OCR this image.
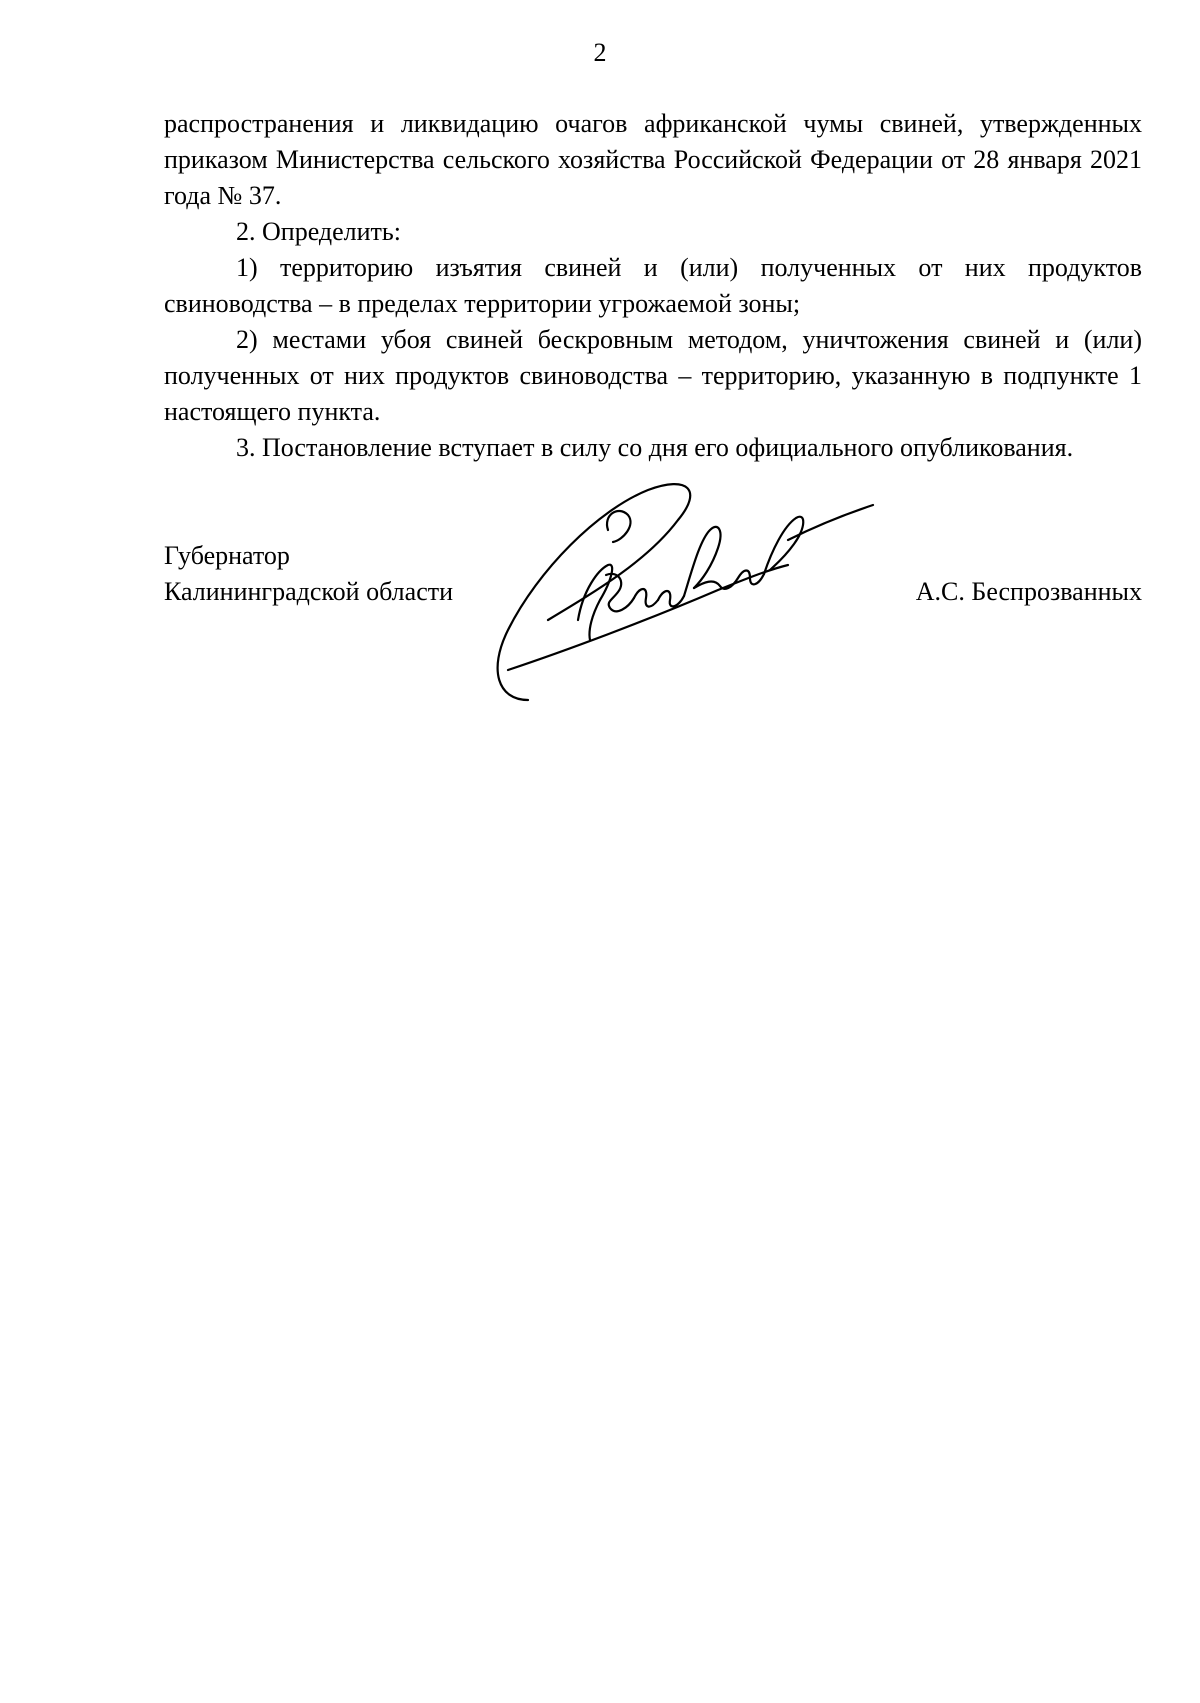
2

распространения и ликвидацию очагов африканской чумы свиней, утвержденных приказом Министерства сельского хозяйства Российской Федерации от 28 января 2021 года № 37.

2. Определить:

1) территорию изъятия свиней и (или) полученных от них продуктов свиноводства – в пределах территории угрожаемой зоны;

2) местами убоя свиней бескровным методом, уничтожения свиней и (или) полученных от них продуктов свиноводства – территорию, указанную в подпункте 1 настоящего пункта.

3. Постановление вступает в силу со дня его официального опубликования.

Губернатор
Калининградской области	А.С. Беспрозванных
